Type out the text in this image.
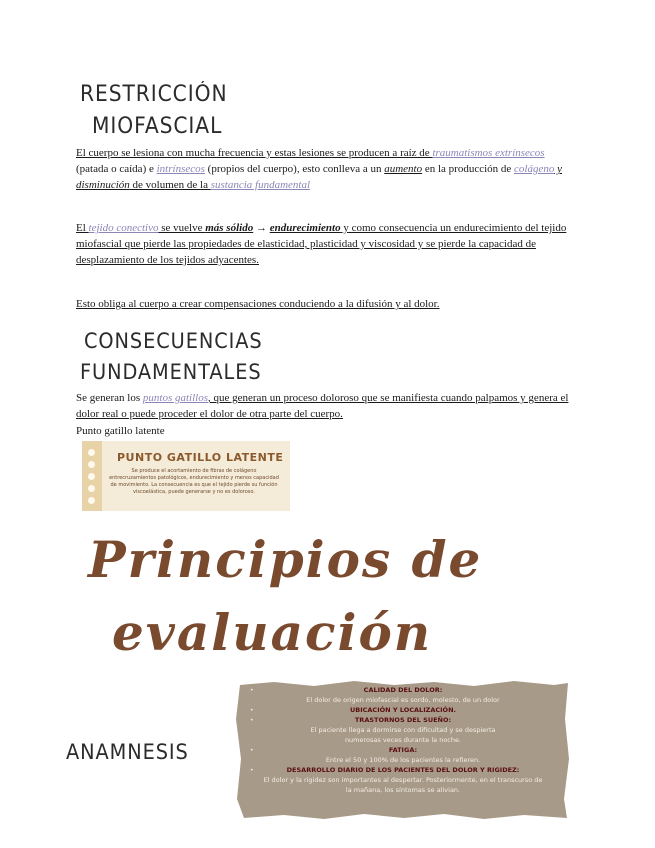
RESTRICCIÓN
MIOFASCIAL
El cuerpo se lesiona con mucha frecuencia y estas lesiones se producen a raíz de traumatismos extrínsecos (patada o caída) e intrínsecos (propios del cuerpo), esto conlleva a un aumento en la producción de colágeno y disminución de volumen de la sustancia fundamental
El tejido conectivo se vuelve más sólido → endurecimiento y como consecuencia un endurecimiento del tejido miofascial que pierde las propiedades de elasticidad, plasticidad y viscosidad y se pierde la capacidad de desplazamiento de los tejidos adyacentes.
Esto obliga al cuerpo a crear compensaciones conduciendo a la difusión y al dolor.
CONSECUENCIAS
FUNDAMENTALES
Se generan los puntos gatillos, que generan un proceso doloroso que se manifiesta cuando palpamos y genera el dolor real o puede proceder el dolor de otra parte del cuerpo.
Punto gatillo latente
PUNTO GATILLO LATENTE
Se produce el acortamiento de fibras de colágeno entrecruzamientos patológicos, endurecimiento y menos capacidad de movimiento. La consecuencia es que el tejido pierde su función viscoelástica, puede generarse y no es doloroso.
Principios de
evaluación
ANAMNESIS
•	CALIDAD DEL DOLOR:
El dolor de origen miofascial es sordo, molesto, de un dolor
•	UBICACIÓN Y LOCALIZACIÓN.
•	TRASTORNOS DEL SUEÑO:
El paciente llega a dormirse con dificultad y se despierta
numerosas veces durante la noche.
•	FATIGA:
Entre el 50 y 100% de los pacientes la refieren.
•	DESARROLLO DIARIO DE LOS PACIENTES DEL DOLOR Y RIGIDEZ:
El dolor y la rigidez son importantes al despertar. Posteriormente, en el transcurso de
la mañana, los síntomas se alivian.
